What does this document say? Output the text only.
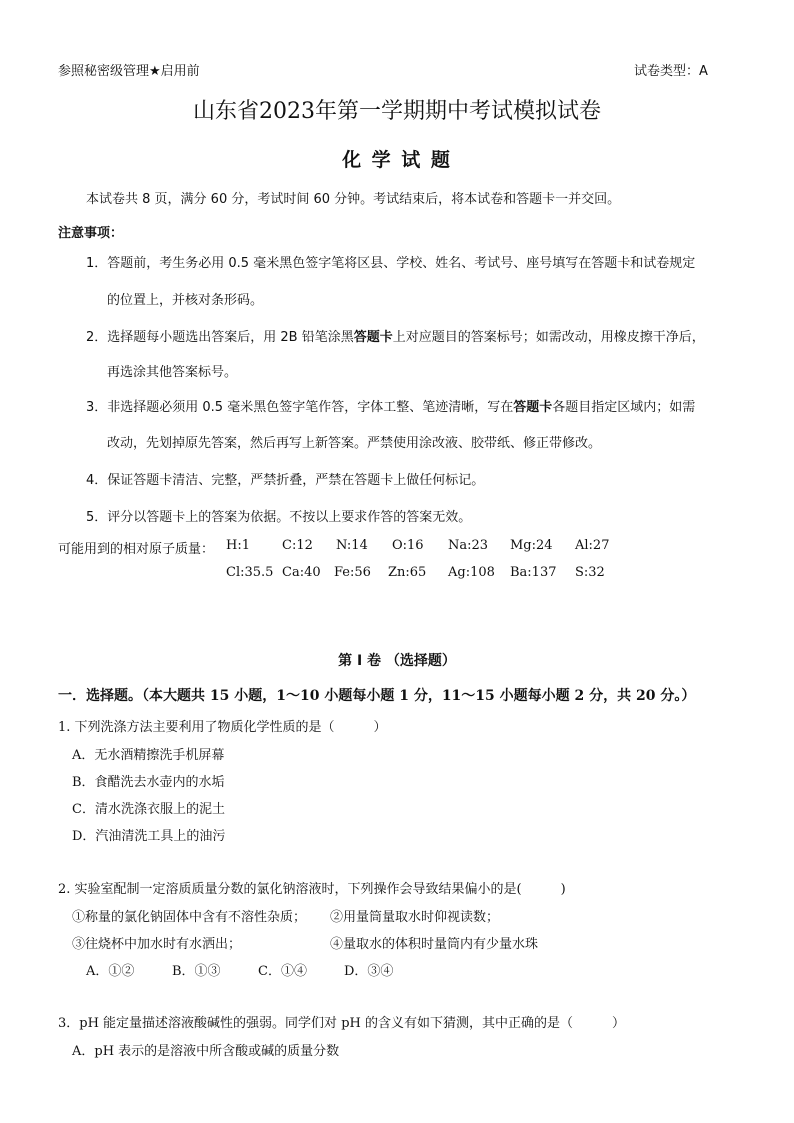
参照秘密级管理★启用前	试卷类型：A
山东省2023年第一学期期中考试模拟试卷
化 学 试 题
本试卷共 8 页，满分 60 分，考试时间 60 分钟。考试结束后，将本试卷和答题卡一并交回。
注意事项：
1．答题前，考生务必用 0.5 毫米黑色签字笔将区县、学校、姓名、考试号、座号填写在答题卡和试卷规定
的位置上，并核对条形码。
2．选择题每小题选出答案后，用 2B 铅笔涂黑答题卡上对应题目的答案标号；如需改动，用橡皮擦干净后，
再选涂其他答案标号。
3．非选择题必须用 0.5 毫米黑色签字笔作答，字体工整、笔迹清晰，写在答题卡各题目指定区域内；如需
改动，先划掉原先答案，然后再写上新答案。严禁使用涂改液、胶带纸、修正带修改。
4．保证答题卡清洁、完整，严禁折叠，严禁在答题卡上做任何标记。
5．评分以答题卡上的答案为依据。不按以上要求作答的答案无效。
可能用到的相对原子质量： H:1 C:12 N:14 O:16 Na:23 Mg:24 Al:27
Cl:35.5 Ca:40 Fe:56 Zn:65 Ag:108 Ba:137 S:32
第 I 卷 （选择题）
一．选择题。（本大题共 15 小题，1～10 小题每小题 1 分，11～15 小题每小题 2 分，共 20 分。）
1. 下列洗涤方法主要利用了物质化学性质的是（　　　）
A．无水酒精擦洗手机屏幕
B．食醋洗去水壶内的水垢
C．清水洗涤衣服上的泥土
D．汽油清洗工具上的油污
2. 实验室配制一定溶质质量分数的氯化钠溶液时，下列操作会导致结果偏小的是(　　　)
①称量的氯化钠固体中含有不溶性杂质； ②用量筒量取水时仰视读数；
③往烧杯中加水时有水洒出；	④量取水的体积时量筒内有少量水珠
A．①②	B．①③	C．①④	D．③④
3．pH 能定量描述溶液酸碱性的强弱。同学们对 pH 的含义有如下猜测，其中正确的是（　　　）
A．pH 表示的是溶液中所含酸或碱的质量分数
